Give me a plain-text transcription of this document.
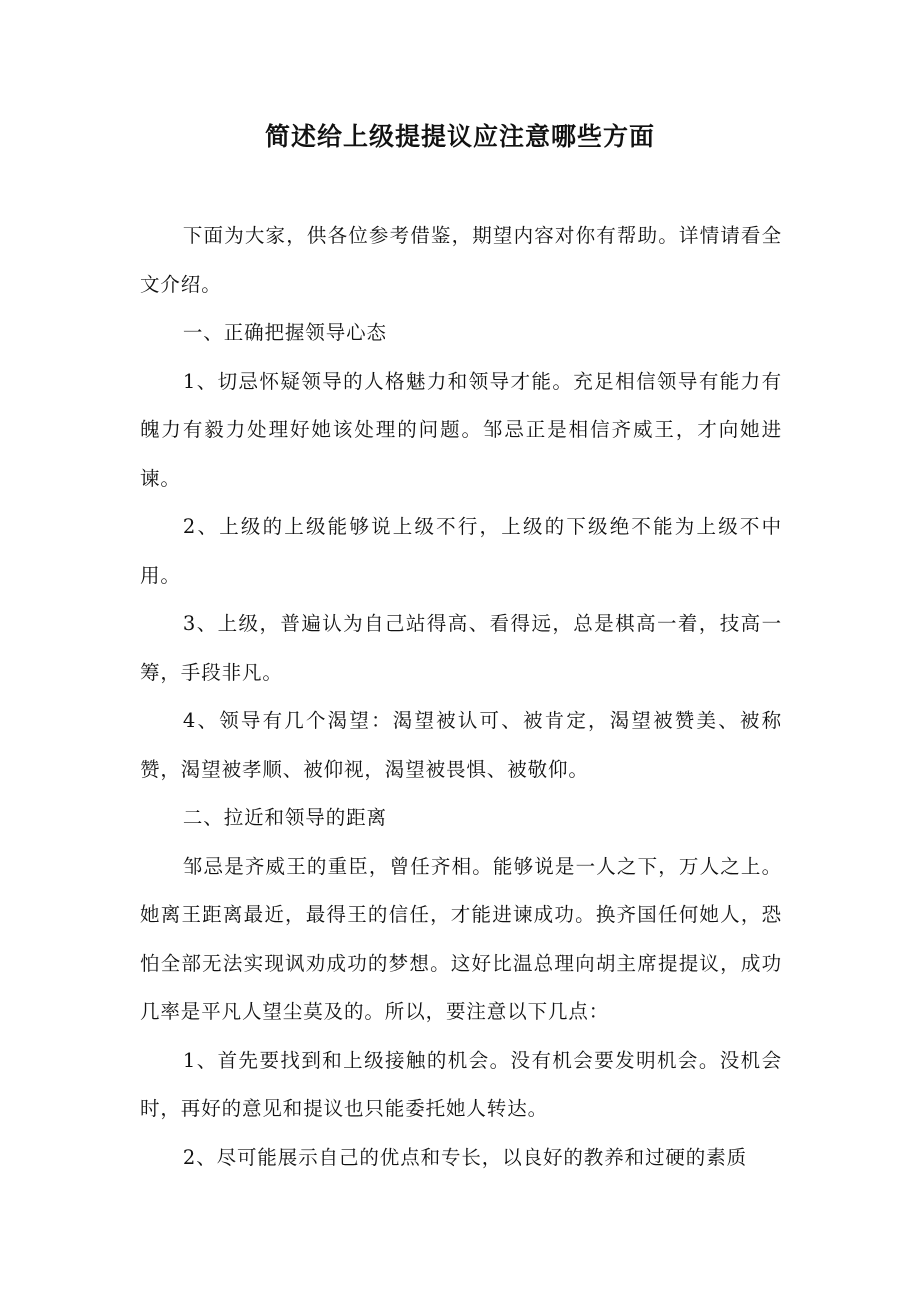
简述给上级提提议应注意哪些方面

下面为大家，供各位参考借鉴，期望内容对你有帮助。详情请看全文介绍。

一、正确把握领导心态

1、切忌怀疑领导的人格魅力和领导才能。充足相信领导有能力有魄力有毅力处理好她该处理的问题。邹忌正是相信齐威王，才向她进谏。

2、上级的上级能够说上级不行，上级的下级绝不能为上级不中用。

3、上级，普遍认为自己站得高、看得远，总是棋高一着，技高一筹，手段非凡。

4、领导有几个渴望：渴望被认可、被肯定，渴望被赞美、被称赞，渴望被孝顺、被仰视，渴望被畏惧、被敬仰。

二、拉近和领导的距离

邹忌是齐威王的重臣，曾任齐相。能够说是一人之下，万人之上。她离王距离最近，最得王的信任，才能进谏成功。换齐国任何她人，恐怕全部无法实现讽劝成功的梦想。这好比温总理向胡主席提提议，成功几率是平凡人望尘莫及的。所以，要注意以下几点：

1、首先要找到和上级接触的机会。没有机会要发明机会。没机会时，再好的意见和提议也只能委托她人转达。

2、尽可能展示自己的优点和专长，以良好的教养和过硬的素质
